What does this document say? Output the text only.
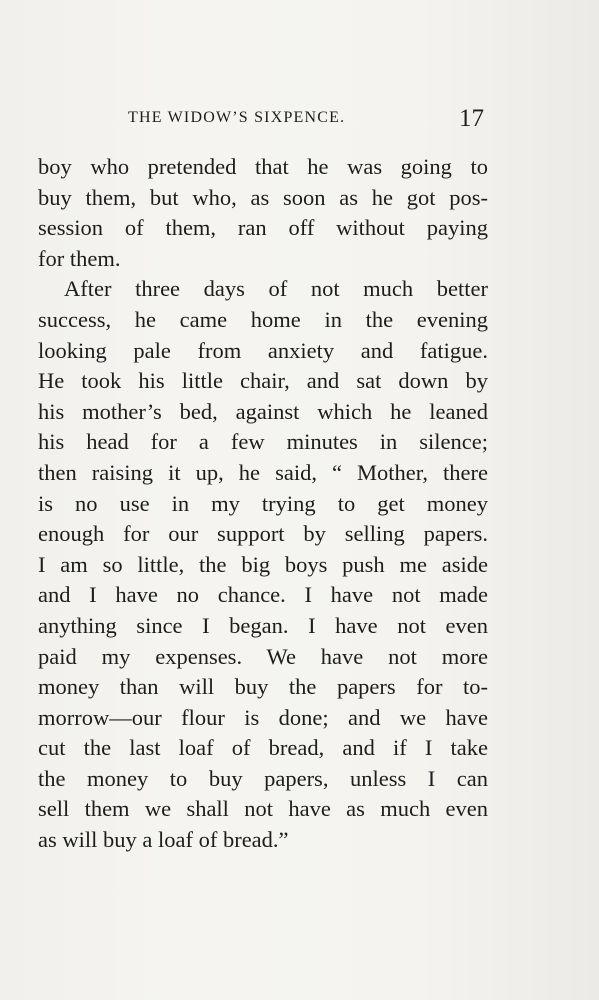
THE WIDOW’S SIXPENCE.	17
boy who pretended that he was going to
buy them, but who, as soon as he got pos-
session of them, ran off without paying
for them.
After three days of not much better
success, he came home in the evening
looking pale from anxiety and fatigue.
He took his little chair, and sat down by
his mother’s bed, against which he leaned
his head for a few minutes in silence;
then raising it up, he said, “ Mother, there
is no use in my trying to get money
enough for our support by selling papers.
I am so little, the big boys push me aside
and I have no chance. I have not made
anything since I began. I have not even
paid my expenses. We have not more
money than will buy the papers for to-
morrow—our flour is done; and we have
cut the last loaf of bread, and if I take
the money to buy papers, unless I can
sell them we shall not have as much even
as will buy a loaf of bread.”
